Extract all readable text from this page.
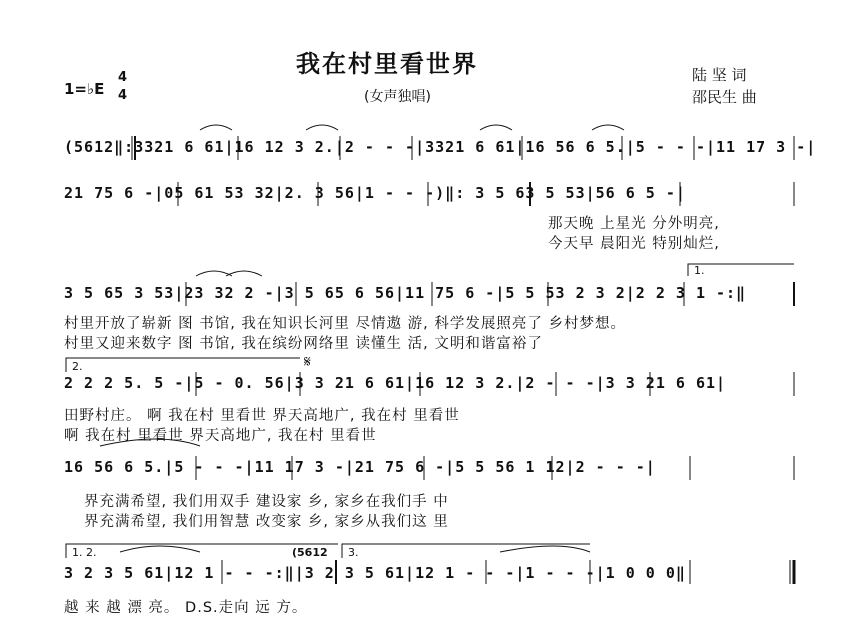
我在村里看世界
(女声独唱)
1=♭E
4
4
陆 坚 词
邵民生 曲
(5612‖:3321 6 61|16 12 3 2.|2 - - -|3321 6 61|16 56 6 5.|5 - - -|11 17 3 -|
21 75 6 -|05 61 53 32|2. 3 56|1 - - -)‖: 3 5 63 5 53|56 6 5 -|
那天晚 上星光 分外明亮,
今天早 晨阳光 特别灿烂,
1.
3 5 65 3 53|23 32 2 -|3 5 65 6 56|11 75 6 -|5 5 53 2 3 2|2 2 3 1 -:‖
村里开放了崭新 图 书馆, 我在知识长河里 尽情遨 游, 科学发展照亮了 乡村梦想。
村里又迎来数字 图 书馆, 我在缤纷网络里 读懂生 活, 文明和谐富裕了
2.	𝄋
2 2 2 5. 5 -|5 - 0. 56|3 3 21 6 61|16 12 3 2.|2 - - -|3 3 21 6 61|
田野村庄。 啊 我在村 里看世 界天高地广, 我在村 里看世
啊 我在村 里看世 界天高地广, 我在村 里看世
16 56 6 5.|5 - - -|11 17 3 -|21 75 6 -|5 5 56 1 12|2 - - -|
界充满希望, 我们用双手 建设家 乡, 家乡在我们手 中
界充满希望, 我们用智慧 改变家 乡, 家乡从我们这 里
1. 2.	3.
(5612
3 2 3 5 61|12 1 - - -:‖|3 2 3 5 61|12 1 - - -|1 - - -|1 0 0 0‖
越 来 越 漂 亮。 D.S.走向 远 方。
